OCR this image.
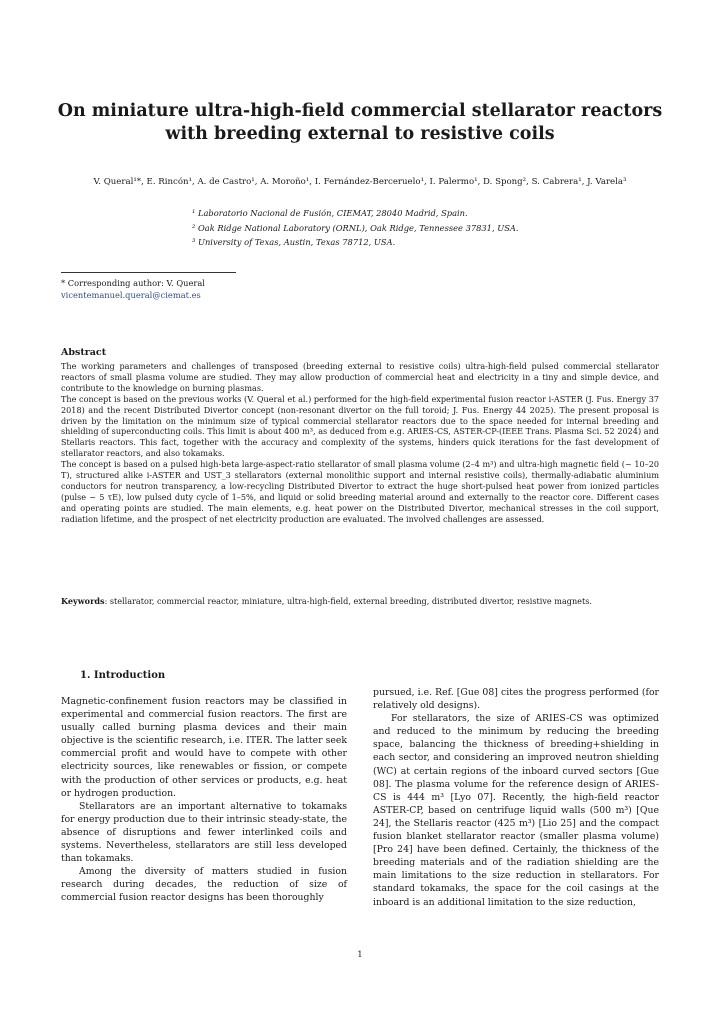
On miniature ultra-high-field commercial stellarator reactors with breeding external to resistive coils
V. Queral¹*, E. Rincón¹, A. de Castro¹, A. Moroño¹, I. Fernández-Berceruelo¹, I. Palermo¹, D. Spong², S. Cabrera¹, J. Varela³
¹ Laboratorio Nacional de Fusión, CIEMAT, 28040 Madrid, Spain.
² Oak Ridge National Laboratory (ORNL), Oak Ridge, Tennessee 37831, USA.
³ University of Texas, Austin, Texas 78712, USA.
* Corresponding author: V. Queral
vicentemanuel.queral@ciemat.es
Abstract

The working parameters and challenges of transposed (breeding external to resistive coils) ultra-high-field pulsed commercial stellarator reactors of small plasma volume are studied. They may allow production of commercial heat and electricity in a tiny and simple device, and contribute to the knowledge on burning plasmas.

The concept is based on the previous works (V. Queral et al.) performed for the high-field experimental fusion reactor i-ASTER (J. Fus. Energy 37 2018) and the recent Distributed Divertor concept (non-resonant divertor on the full toroid; J. Fus. Energy 44 2025). The present proposal is driven by the limitation on the minimum size of typical commercial stellarator reactors due to the space needed for internal breeding and shielding of superconducting coils. This limit is about 400 m³, as deduced from e.g. ARIES-CS, ASTER-CP-(IEEE Trans. Plasma Sci. 52 2024) and Stellaris reactors. This fact, together with the accuracy and complexity of the systems, hinders quick iterations for the fast development of stellarator reactors, and also tokamaks.

The concept is based on a pulsed high-beta large-aspect-ratio stellarator of small plasma volume (2–4 m³) and ultra-high magnetic field (~ 10–20 T), structured alike i-ASTER and UST_3 stellarators (external monolithic support and internal resistive coils), thermally-adiabatic aluminium conductors for neutron transparency, a low-recycling Distributed Divertor to extract the huge short-pulsed heat power from ionized particles (pulse ~ 5 τE), low pulsed duty cycle of 1–5%, and liquid or solid breeding material around and externally to the reactor core. Different cases and operating points are studied. The main elements, e.g. heat power on the Distributed Divertor, mechanical stresses in the coil support, radiation lifetime, and the prospect of net electricity production are evaluated. The involved challenges are assessed.

Keywords: stellarator, commercial reactor, miniature, ultra-high-field, external breeding, distributed divertor, resistive magnets.
1. Introduction

Magnetic-confinement fusion reactors may be classified in experimental and commercial fusion reactors. The first are usually called burning plasma devices and their main objective is the scientific research, i.e. ITER. The latter seek commercial profit and would have to compete with other electricity sources, like renewables or fission, or compete with the production of other services or products, e.g. heat or hydrogen production.

Stellarators are an important alternative to tokamaks for energy production due to their intrinsic steady-state, the absence of disruptions and fewer interlinked coils and systems. Nevertheless, stellarators are still less developed than tokamaks.

Among the diversity of matters studied in fusion research during decades, the reduction of size of commercial fusion reactor designs has been thoroughly

pursued, i.e. Ref. [Gue 08] cites the progress performed (for relatively old designs).

For stellarators, the size of ARIES-CS was optimized and reduced to the minimum by reducing the breeding space, balancing the thickness of breeding+shielding in each sector, and considering an improved neutron shielding (WC) at certain regions of the inboard curved sectors [Gue 08]. The plasma volume for the reference design of ARIES-CS is 444 m³ [Lyo 07]. Recently, the high-field reactor ASTER-CP, based on centrifuge liquid walls (500 m³) [Que 24], the Stellaris reactor (425 m³) [Lio 25] and the compact fusion blanket stellarator reactor (smaller plasma volume) [Pro 24] have been defined. Certainly, the thickness of the breeding materials and of the radiation shielding are the main limitations to the size reduction in stellarators. For standard tokamaks, the space for the coil casings at the inboard is an additional limitation to the size reduction,

1
